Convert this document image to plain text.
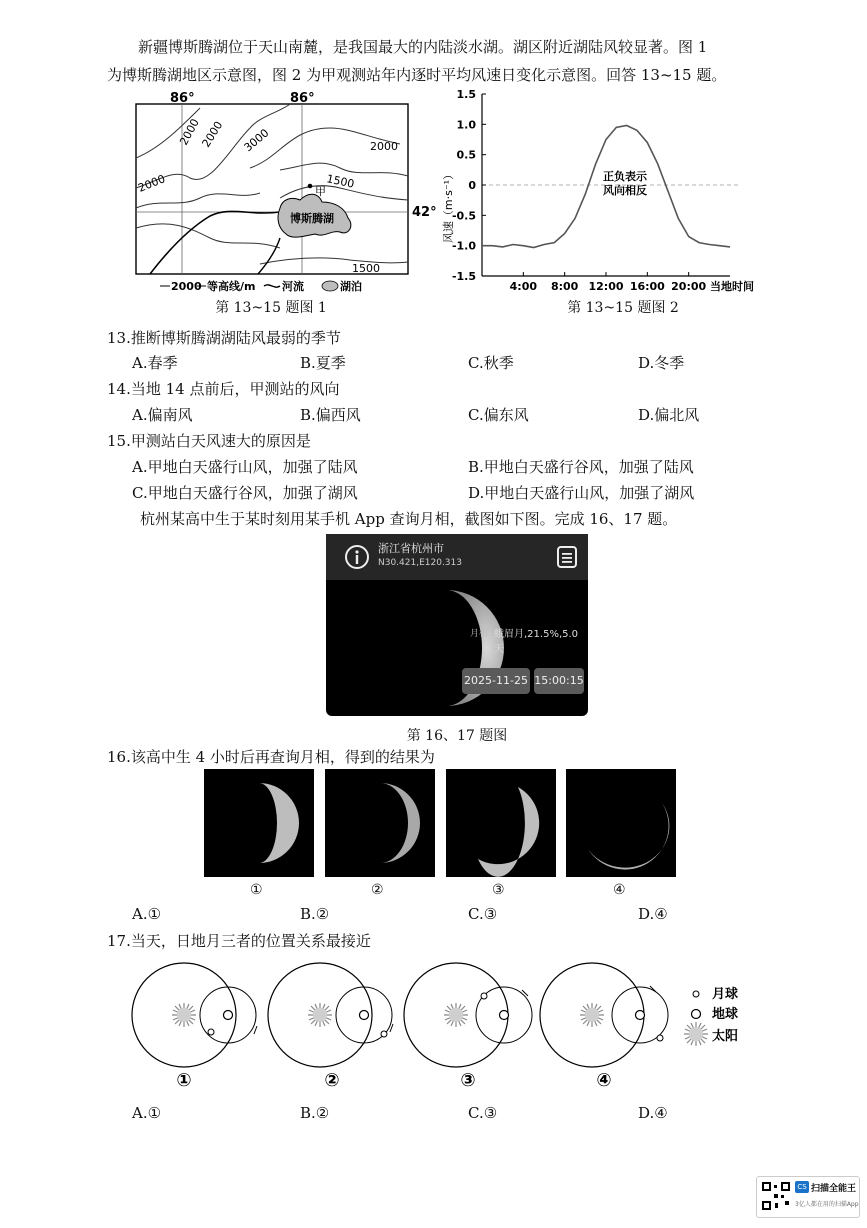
新疆博斯腾湖位于天山南麓，是我国最大的内陆淡水湖。湖区附近湖陆风较显著。图 1
为博斯腾湖地区示意图，图 2 为甲观测站年内逐时平均风速日变化示意图。回答 13~15 题。
甲
博斯腾湖
86°	86°
42°
2000
2000 3000	2000
2000	1500
1500
2000 等高线/m 河流	湖泊
第 13~15 题图 1
1.5
1.0
0.5
0
-0.5
-1.0
-1.5
4:00 8:00 12:00 16:00 20:00
风速（m·s⁻¹）
当地时间
正负表示
风向相反
第 13~15 题图 2
13.推断博斯腾湖湖陆风最弱的季节
A.春季	B.夏季	C.秋季	D.冬季
14.当地 14 点前后，甲测站的风向
A.偏南风	B.偏西风	C.偏东风	D.偏北风
15.甲测站白天风速大的原因是
A.甲地白天盛行山风，加强了陆风	B.甲地白天盛行谷风，加强了陆风
C.甲地白天盛行谷风，加强了湖风	D.甲地白天盛行山风，加强了湖风
杭州某高中生于某时刻用某手机 App 查询月相，截图如下图。完成 16、17 题。
浙江省杭州市
N30.421,E120.313
月相 蛾眉月,21.5%,5.0天
2025-11-25 15:00:15
第 16、17 题图
16.该高中生 4 小时后再查询月相，得到的结果为
①	②	③	④
A.①	B.②	C.③	D.④
17.当天，日地月三者的位置关系最接近
月球
地球
太阳
①	②	③	④
A.①	B.②	C.③	D.④
CS 扫描全能王
3亿人都在用的扫描App
